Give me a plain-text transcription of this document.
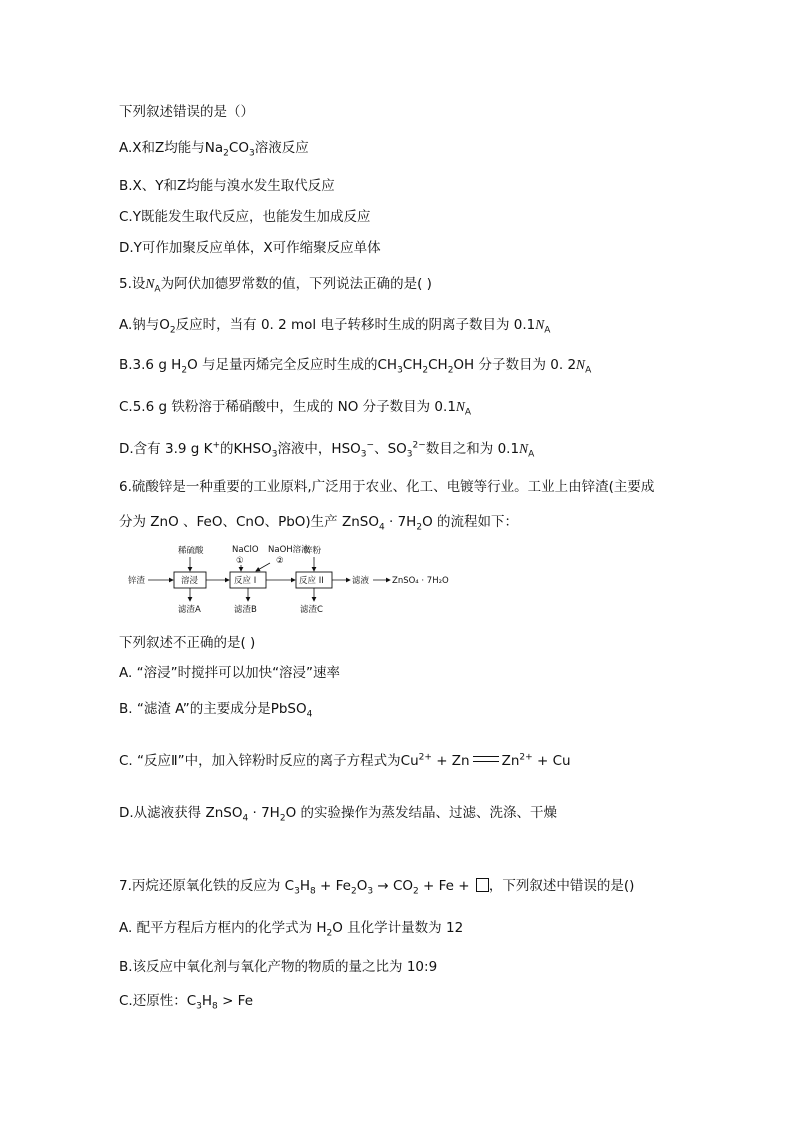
下列叙述错误的是（）
A.X和Z均能与$Na_2CO_3$溶液反应
B.X、Y和Z均能与溴水发生取代反应
C.Y既能发生取代反应，也能发生加成反应
D.Y可作加聚反应单体，X可作缩聚反应单体
5.设$N_A$为阿伏加德罗常数的值，下列说法正确的是( )
A.钠与$O_2$反应时，当有 0. 2 mol 电子转移时生成的阴离子数目为 $0.1N_A$
B.3.6 g $H_2O$ 与足量丙烯完全反应时生成的$CH_3CH_2CH_2OH$ 分子数目为 0. $2N_A$
C.5.6 g 铁粉溶于稀硝酸中，生成的 NO 分子数目为 $0.1N_A$
D.含有 3.9 g K+的$KHSO_3$溶液中，$HSO_3^-$、$SO_3^{2-}$数目之和为 $0.1N_A$
6.硫酸锌是一种重要的工业原料,广泛用于农业、化工、电镀等行业。工业上由锌渣(主要成
分为 ZnO 、FeO、CnO、PbO)生产 ZnSO$_4$ · $7H_2O$ 的流程如下：
锌渣	溶浸
稀硫酸
滤渣A
反应 I
NaClO
①
NaOH溶液
②
滤渣B
反应 II
锌粉
滤渣C
滤液	ZnSO₄ · 7H₂O
下列叙述不正确的是( )
A. “溶浸”时搅拌可以加快“溶浸”速率
B. “滤渣 A”的主要成分是PbSO$_4$
C. “反应Ⅱ”中，加入锌粉时反应的离子方程式为$Cu^{2+} + Zn$ $Zn^{2+} + Cu$
D.从滤液获得 ZnSO$_4$ · $7H_2O$ 的实验操作为蒸发结晶、过滤、洗涤、干燥
7.丙烷还原氧化铁的反应为 $C_3H_8 + Fe_2O_3 \to CO_2 + Fe$ + ，下列叙述中错误的是()
A. 配平方程后方框内的化学式为 $H_2O$ 且化学计量数为 12
B.该反应中氧化剂与氧化产物的物质的量之比为 10:9
C.还原性：$C_3H_8 > Fe$
